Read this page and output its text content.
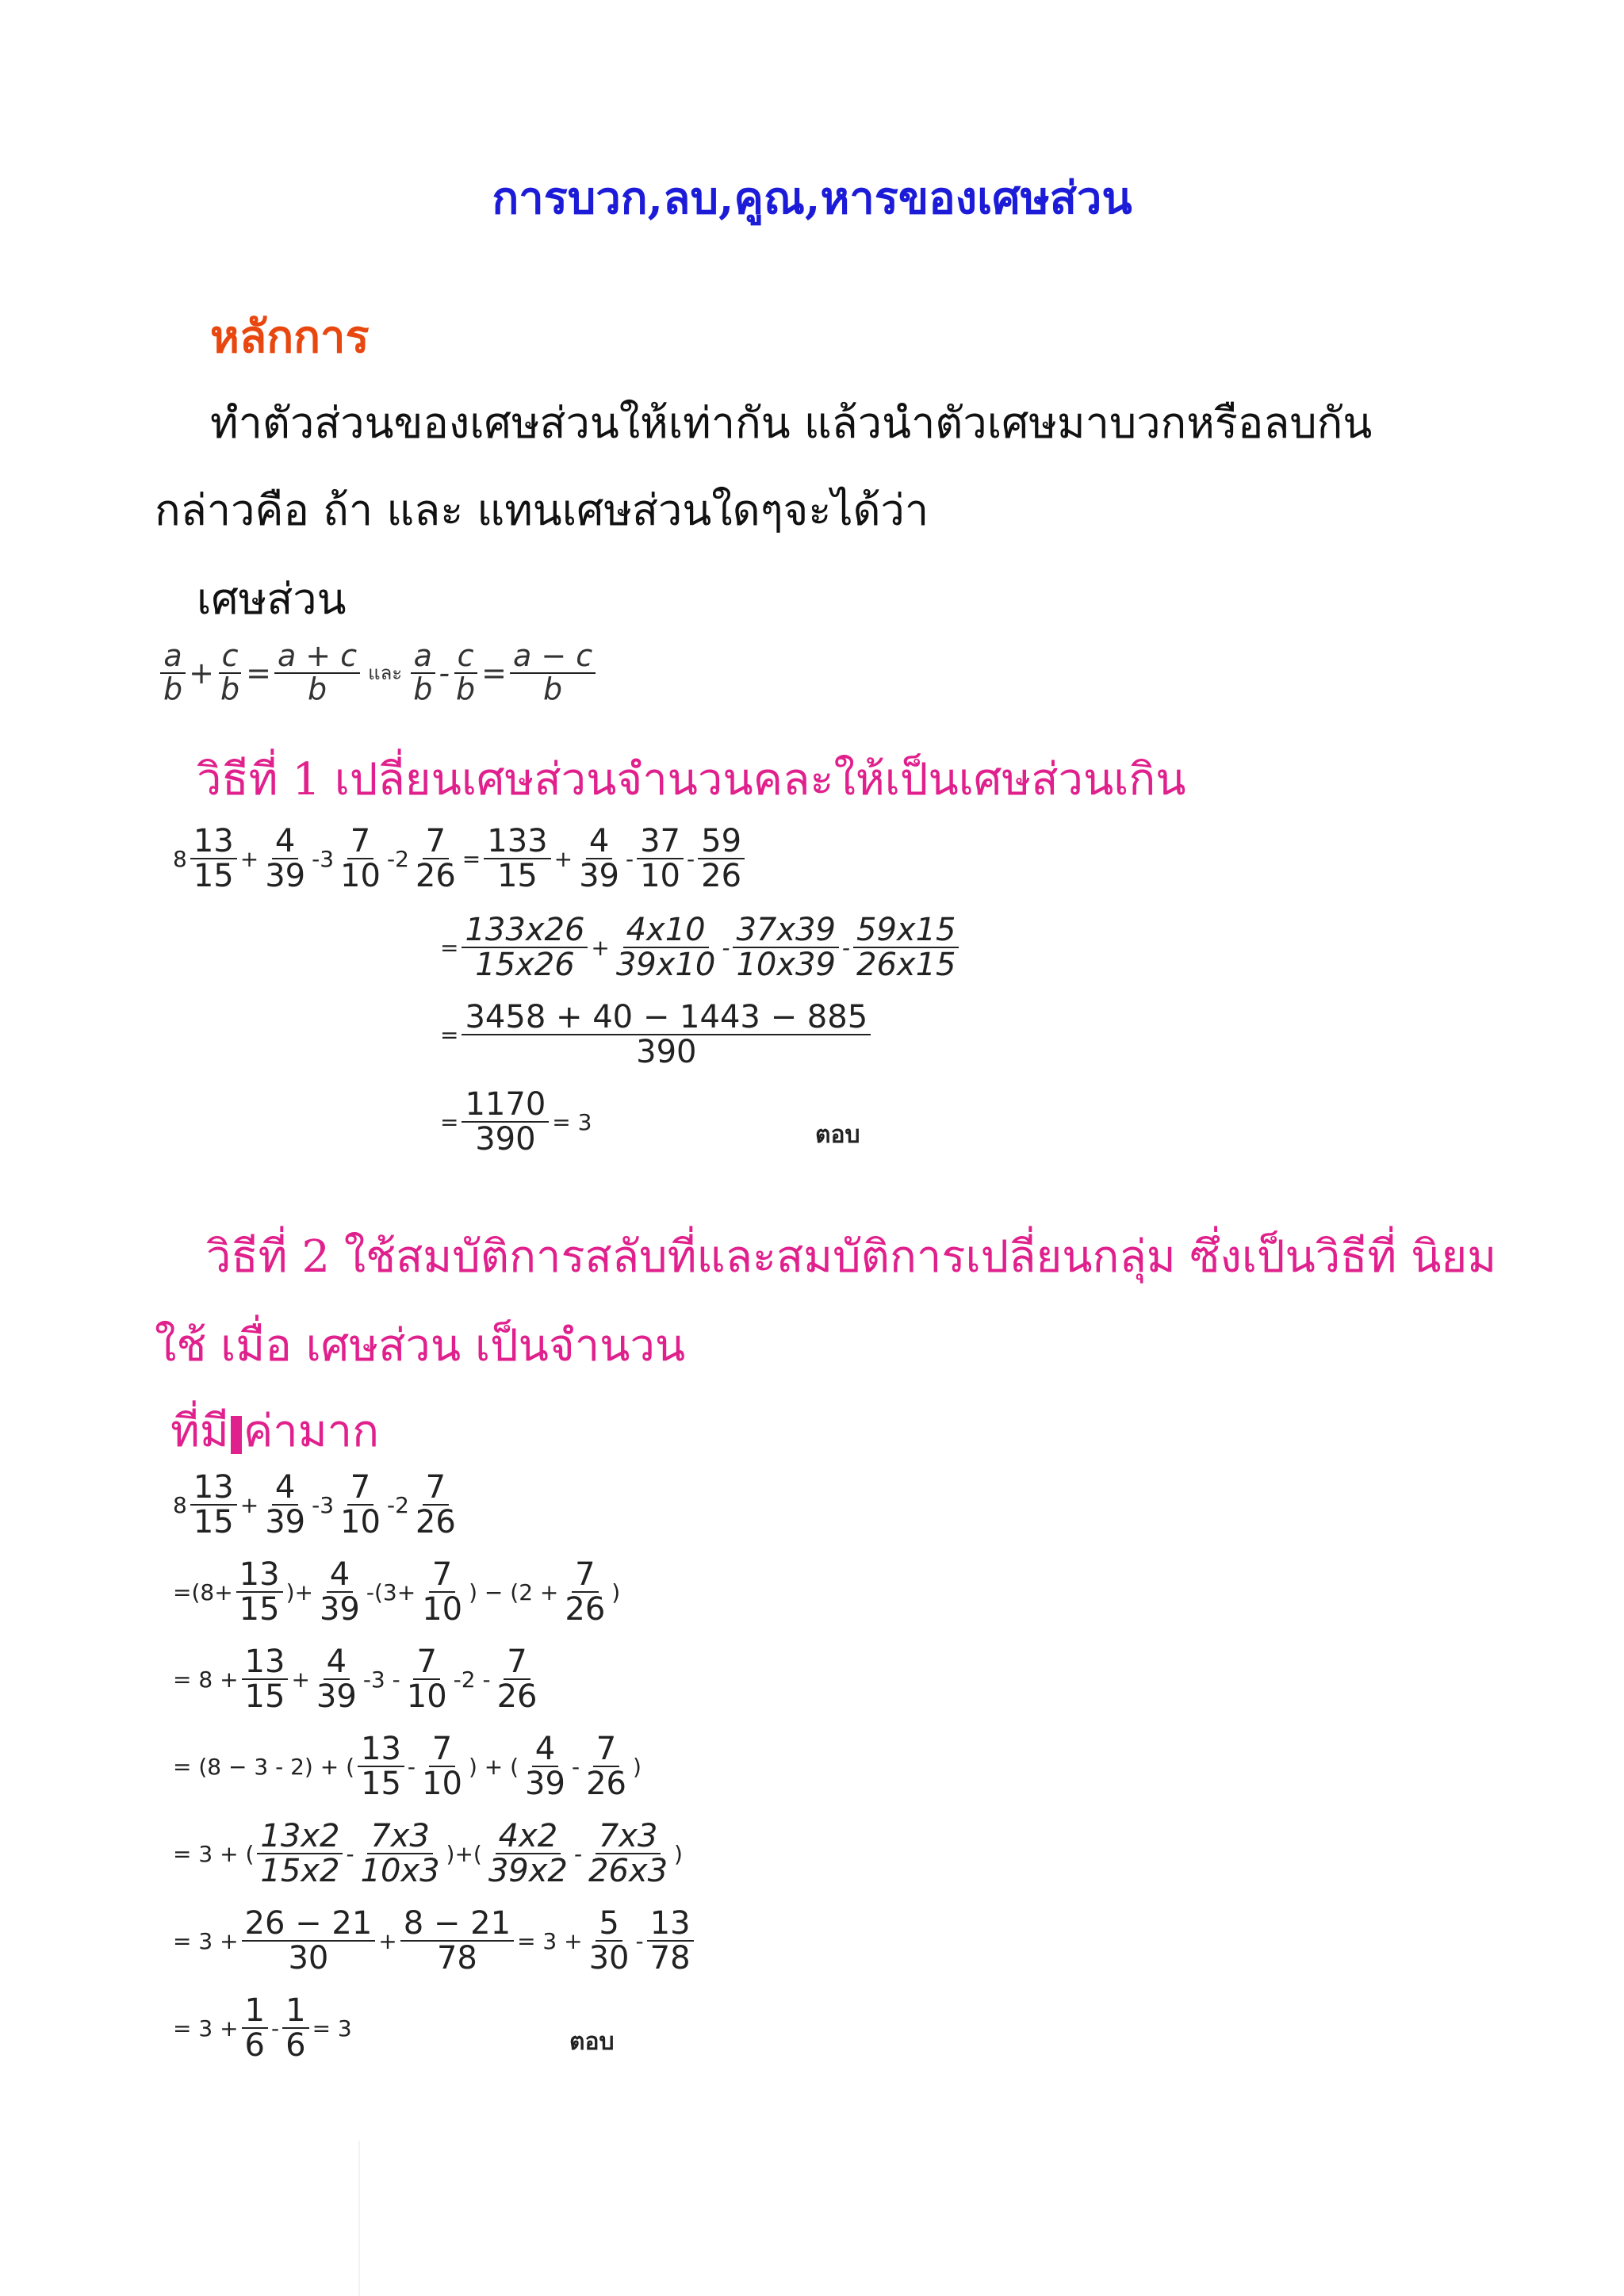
การบวก,ลบ,คูณ,หารของเศษส่วน
หลักการ
ทำตัวส่วนของเศษส่วนให้เท่ากัน แล้วนำตัวเศษมาบวกหรือลบกัน
กล่าวคือ ถ้า และ แทนเศษส่วนใดๆจะได้ว่า
เศษส่วน
$\frac{a}{b} + \frac{c}{b} = \frac{a + c}{b}$ และ $\frac{a}{b} - \frac{c}{b} = \frac{a - c}{b}$
วิธีที่ 1 เปลี่ยนเศษส่วนจำนวนคละให้เป็นเศษส่วนเกิน
$8 \frac{13}{15} + \frac{4}{39} - 3 \frac{7}{10} - 2 \frac{7}{26} = \frac{133}{15} + \frac{4}{39} - \frac{37}{10} - \frac{59}{26}$
= $\frac{133x26}{15x26} + \frac{4x10}{39x10} - \frac{37x39}{10x39} - \frac{59x15}{26x15}$
= $\frac{3458 + 40 - 1443 - 885}{390}$
= $\frac{1170}{390} = 3$	ตอบ
วิธีที่ 2 ใช้สมบัติการสลับที่และสมบัติการเปลี่ยนกลุ่ม ซึ่งเป็นวิธีที่ นิยม
ใช้ เมื่อ เศษส่วน เป็นจำนวน
ที่มี ค่ามาก
$8 \frac{13}{15} + \frac{4}{39} - 3 \frac{7}{10} - 2 \frac{7}{26}$
$=(8+ \frac{13}{15}$ )+ $\frac{4}{39} -(3+ \frac{7}{10}$ ) − ($2 + \frac{7}{26}$ )
= $8 + \frac{13}{15} + \frac{4}{39} -3 - \frac{7}{10} -2 - \frac{7}{26}$
= (8 − 3 - 2) + ( $\frac{13}{15} - \frac{7}{10}$ ) + ( $\frac{4}{39} - \frac{7}{26}$ )
= 3 + ( $\frac{13x2}{15x2} - \frac{7x3}{10x3}$ )+( $\frac{4x2}{39x2} - \frac{7x3}{26x3}$ )
= $3 + \frac{26 - 21}{30} + \frac{8 - 21}{78} = 3 + \frac{5}{30} - \frac{13}{78}$
= $3 + \frac{1}{6} - \frac{1}{6} = 3$	ตอบ
